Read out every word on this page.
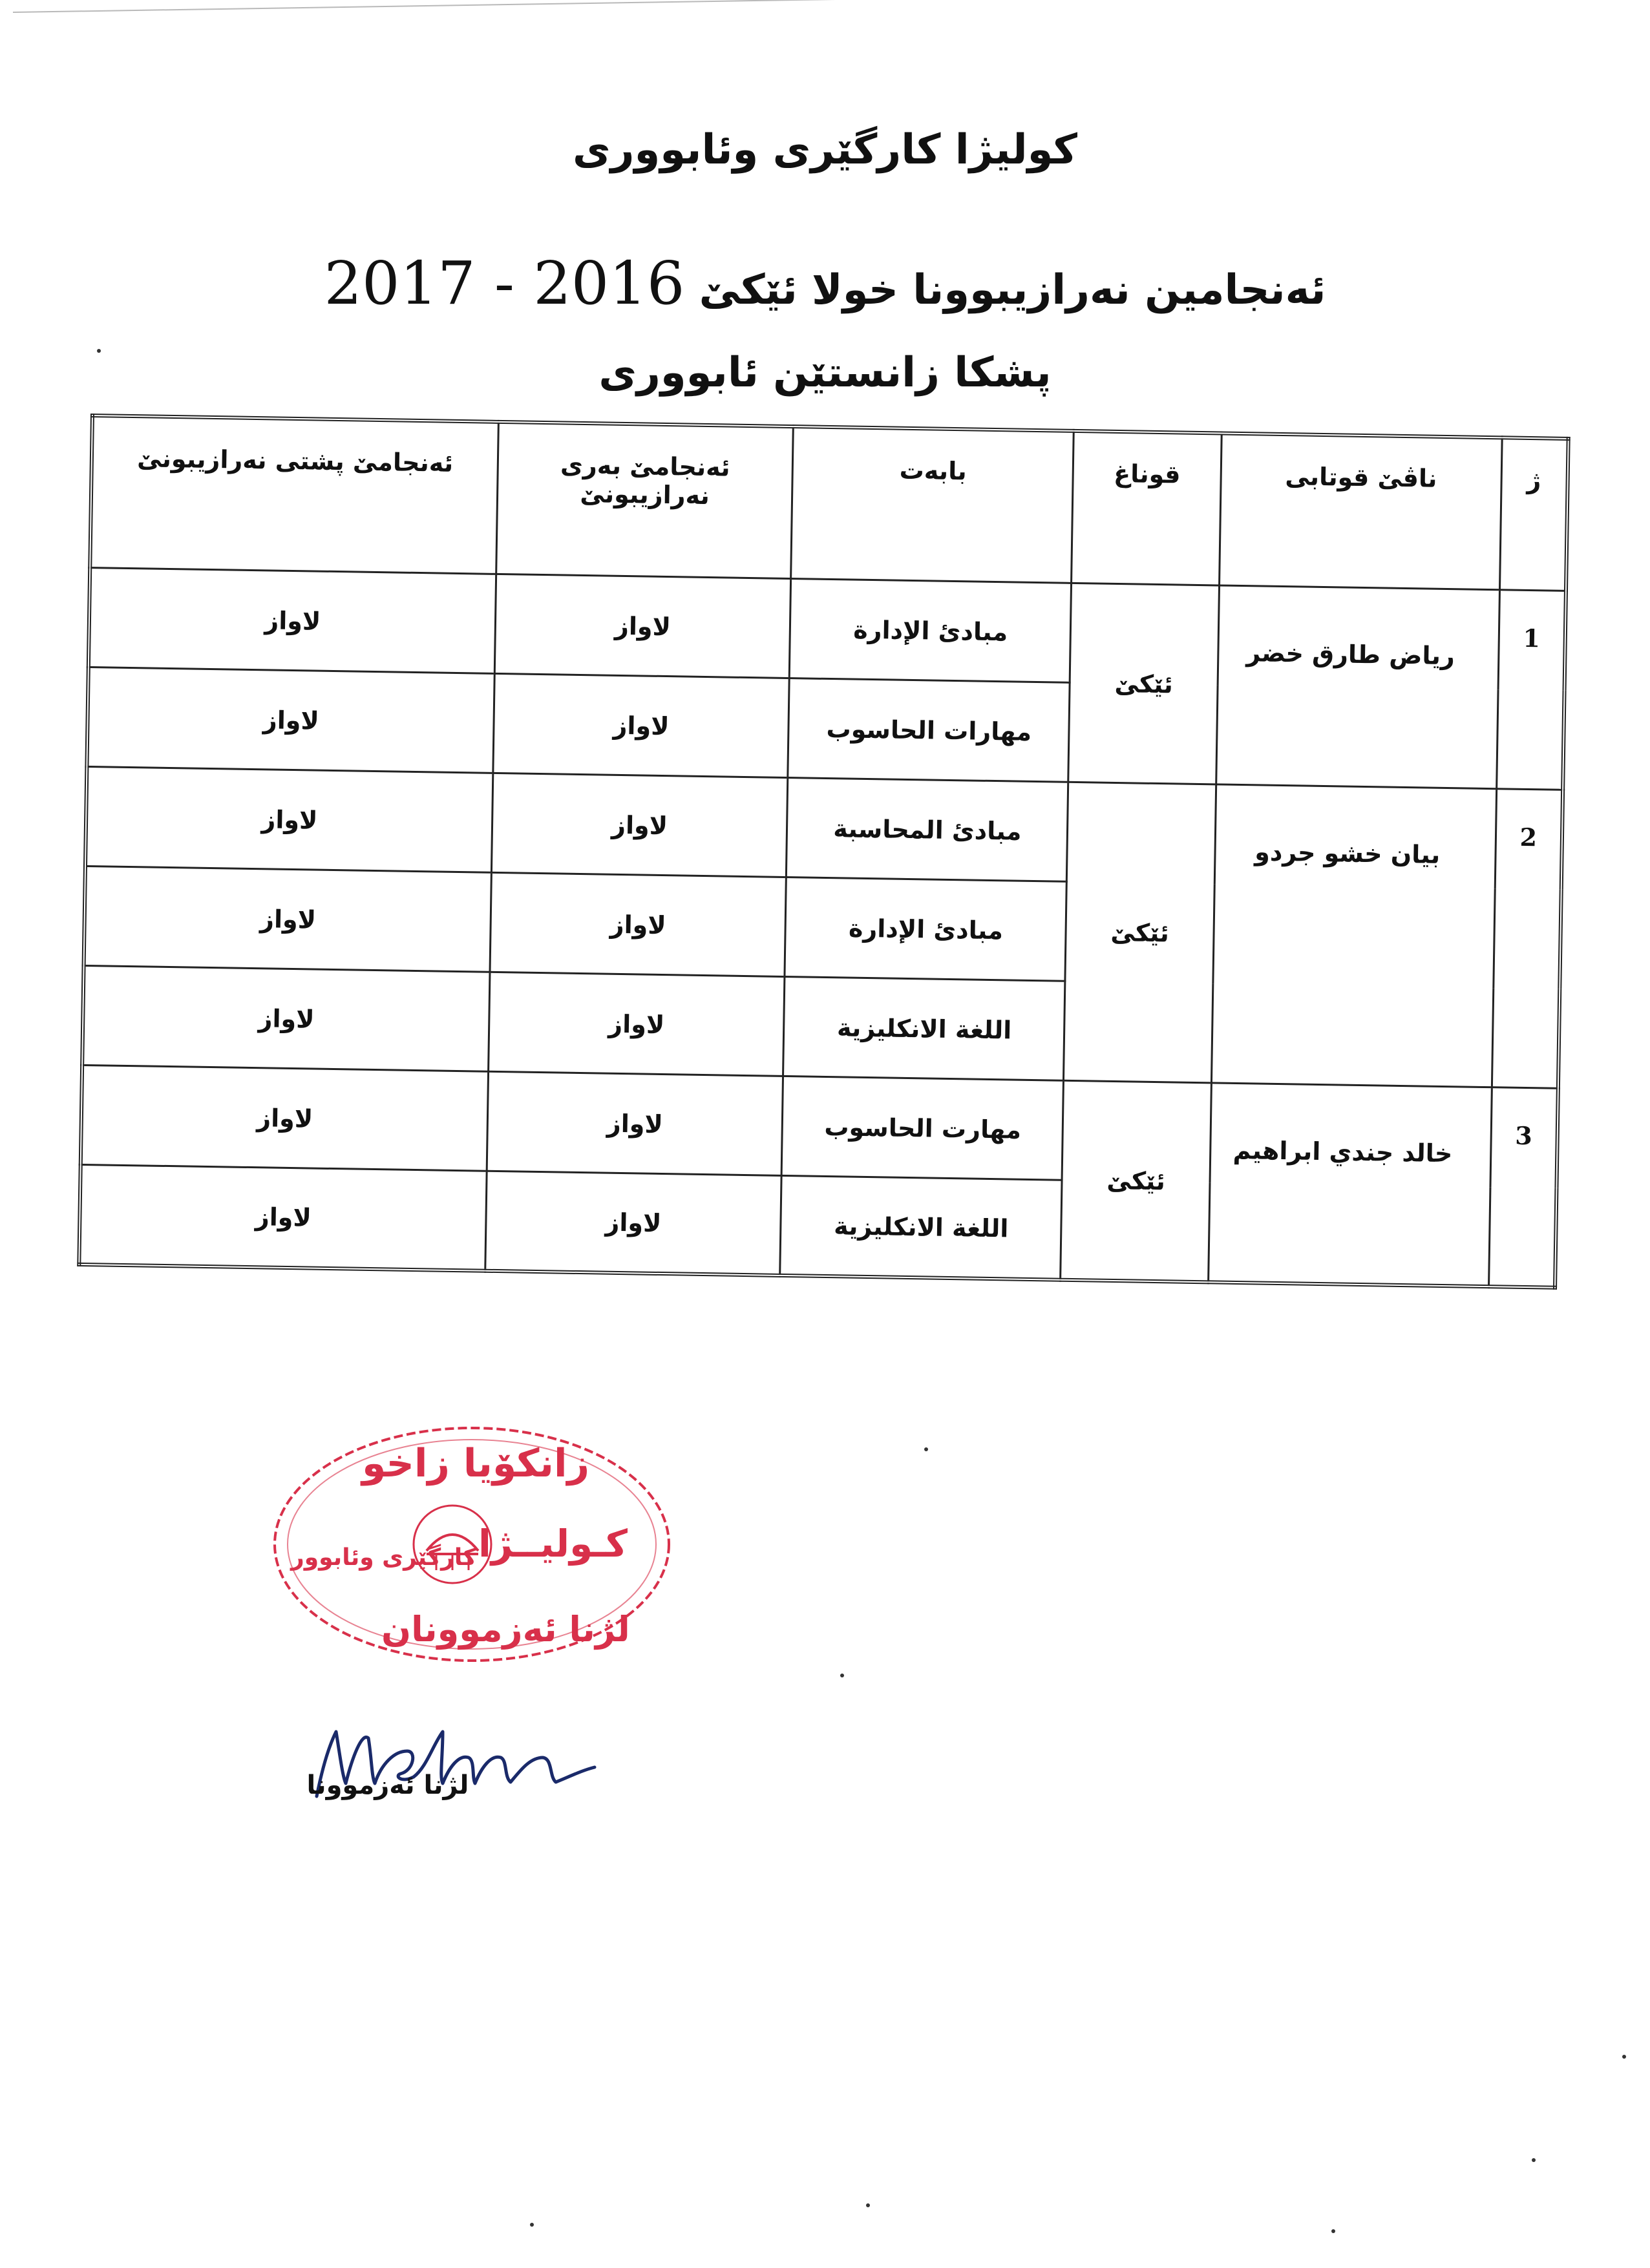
كوليژا كارگێرى وئابوورى
ئەنجامين نەرازيبوونا خولا ئێكێ 2017 - 2016
پشكا زانستێن ئابوورى
ژ	ناڤێ قوتابى	قوناغ	بابەت	ئەنجامێ بەرى نەرازيبونێ	ئەنجامێ پشتى نەرازيبونێ
1	رياض طارق خضر	ئێكێ	مبادئ الإدارة	لاواز	لاواز
			مهارات الحاسوب	لاواز	لاواز
2	بيان خشو جردو	ئێكێ	مبادئ المحاسبة	لاواز	لاواز
			مبادئ الإدارة	لاواز	لاواز
			اللغة الانكليزية	لاواز	لاواز
3	خالد جندي ابراهيم	ئێكێ	مهارت الحاسوب	لاواز	لاواز
			اللغة الانكليزية	لاواز	لاواز
زانكۆيا زاخو
كـوليــژا
كارگێرى وئابوور
لژنا ئەزموونان
لژنا ئەزموونا
